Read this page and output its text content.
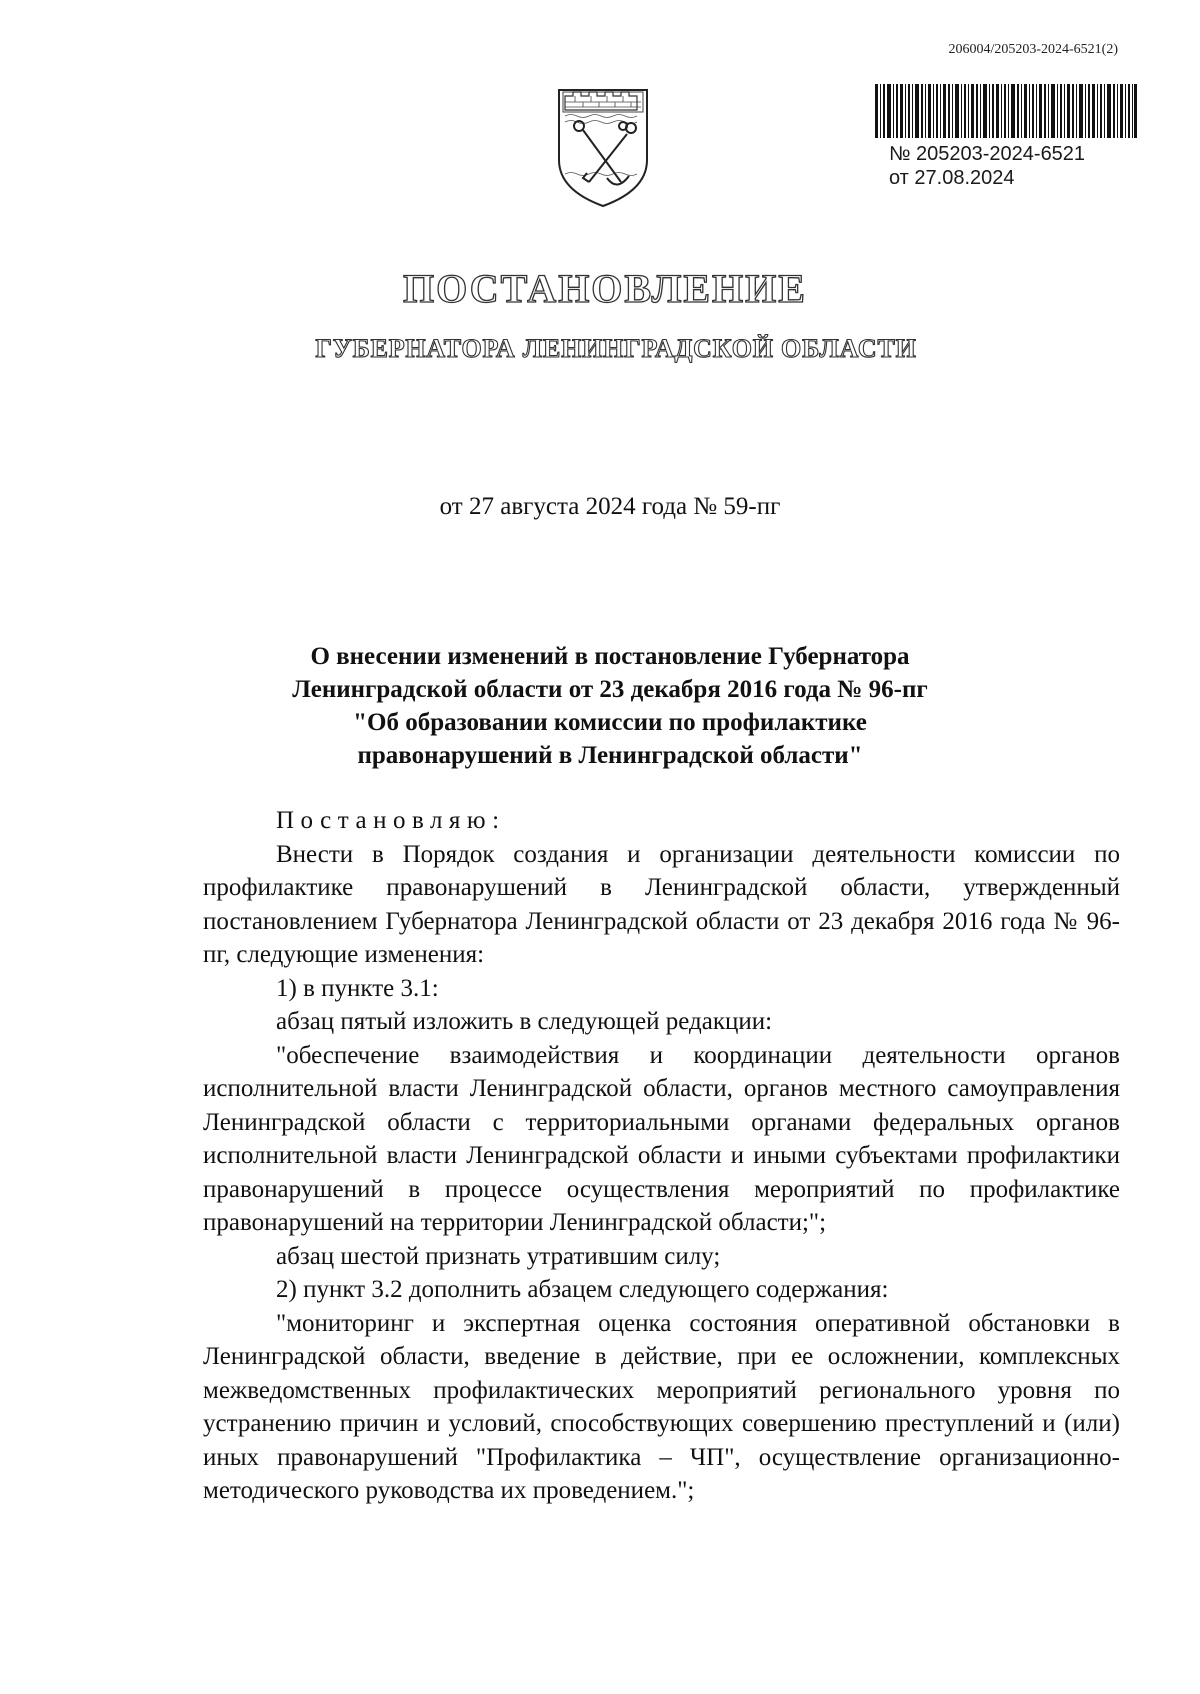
206004/205203-2024-6521(2)
№ 205203-2024-6521
от 27.08.2024
ПОСТАНОВЛЕНИЕ
ГУБЕРНАТОРА ЛЕНИНГРАДСКОЙ ОБЛАСТИ
от 27 августа 2024 года № 59-пг
О внесении изменений в постановление Губернатора
Ленинградской области от 23 декабря 2016 года № 96-пг
"Об образовании комиссии по профилактике
правонарушений в Ленинградской области"

Постановляю:

Внести в Порядок создания и организации деятельности комиссии по профилактике правонарушений в Ленинградской области, утвержденный постановлением Губернатора Ленинградской области от 23 декабря 2016 года № 96-пг, следующие изменения:

1) в пункте 3.1:

абзац пятый изложить в следующей редакции:

"обеспечение взаимодействия и координации деятельности органов исполнительной власти Ленинградской области, органов местного самоуправления Ленинградской области с территориальными органами федеральных органов исполнительной власти Ленинградской области и иными субъектами профилактики правонарушений в процессе осуществления мероприятий по профилактике правонарушений на территории Ленинградской области;";

абзац шестой признать утратившим силу;

2) пункт 3.2 дополнить абзацем следующего содержания:

"мониторинг и экспертная оценка состояния оперативной обстановки в Ленинградской области, введение в действие, при ее осложнении, комплексных межведомственных профилактических мероприятий регионального уровня по устранению причин и условий, способствующих совершению преступлений и (или) иных правонарушений "Профилактика – ЧП", осуществление организационно-методического руководства их проведением.";
